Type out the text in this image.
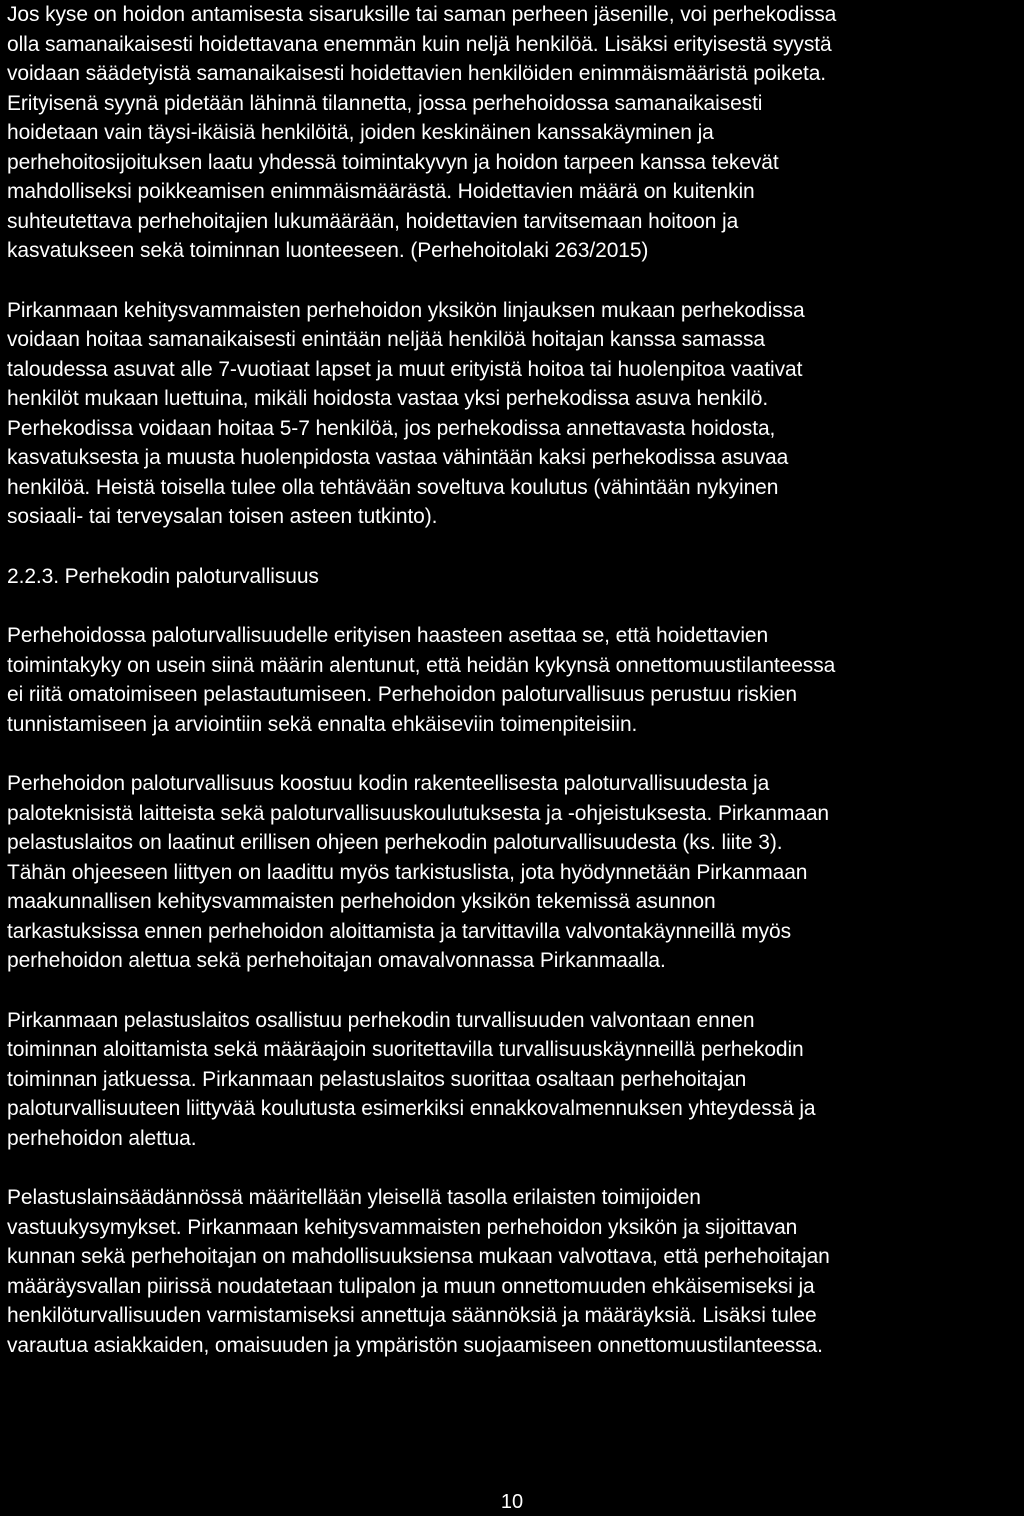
Jos kyse on hoidon antamisesta sisaruksille tai saman perheen jäsenille, voi perhekodissa
olla samanaikaisesti hoidettavana enemmän kuin neljä henkilöä. Lisäksi erityisestä syystä
voidaan säädetyistä samanaikaisesti hoidettavien henkilöiden enimmäismääristä poiketa.
Erityisenä syynä pidetään lähinnä tilannetta, jossa perhehoidossa samanaikaisesti
hoidetaan vain täysi-ikäisiä henkilöitä, joiden keskinäinen kanssakäyminen ja
perhehoitosijoituksen laatu yhdessä toimintakyvyn ja hoidon tarpeen kanssa tekevät
mahdolliseksi poikkeamisen enimmäismäärästä. Hoidettavien määrä on kuitenkin
suhteutettava perhehoitajien lukumäärään, hoidettavien tarvitsemaan hoitoon ja
kasvatukseen sekä toiminnan luonteeseen. (Perhehoitolaki 263/2015)

Pirkanmaan kehitysvammaisten perhehoidon yksikön linjauksen mukaan perhekodissa
voidaan hoitaa samanaikaisesti enintään neljää henkilöä hoitajan kanssa samassa
taloudessa asuvat alle 7-vuotiaat lapset ja muut erityistä hoitoa tai huolenpitoa vaativat
henkilöt mukaan luettuina, mikäli hoidosta vastaa yksi perhekodissa asuva henkilö.
Perhekodissa voidaan hoitaa 5-7 henkilöä, jos perhekodissa annettavasta hoidosta,
kasvatuksesta ja muusta huolenpidosta vastaa vähintään kaksi perhekodissa asuvaa
henkilöä. Heistä toisella tulee olla tehtävään soveltuva koulutus (vähintään nykyinen
sosiaali- tai terveysalan toisen asteen tutkinto).

2.2.3. Perhekodin paloturvallisuus

Perhehoidossa paloturvallisuudelle erityisen haasteen asettaa se, että hoidettavien
toimintakyky on usein siinä määrin alentunut, että heidän kykynsä onnettomuustilanteessa
ei riitä omatoimiseen pelastautumiseen. Perhehoidon paloturvallisuus perustuu riskien
tunnistamiseen ja arviointiin sekä ennalta ehkäiseviin toimenpiteisiin.

Perhehoidon paloturvallisuus koostuu kodin rakenteellisesta paloturvallisuudesta ja
paloteknisistä laitteista sekä paloturvallisuuskoulutuksesta ja -ohjeistuksesta. Pirkanmaan
pelastuslaitos on laatinut erillisen ohjeen perhekodin paloturvallisuudesta (ks. liite 3).
Tähän ohjeeseen liittyen on laadittu myös tarkistuslista, jota hyödynnetään Pirkanmaan
maakunnallisen kehitysvammaisten perhehoidon yksikön tekemissä asunnon
tarkastuksissa ennen perhehoidon aloittamista ja tarvittavilla valvontakäynneillä myös
perhehoidon alettua sekä perhehoitajan omavalvonnassa Pirkanmaalla.

Pirkanmaan pelastuslaitos osallistuu perhekodin turvallisuuden valvontaan ennen
toiminnan aloittamista sekä määräajoin suoritettavilla turvallisuuskäynneillä perhekodin
toiminnan jatkuessa. Pirkanmaan pelastuslaitos suorittaa osaltaan perhehoitajan
paloturvallisuuteen liittyvää koulutusta esimerkiksi ennakkovalmennuksen yhteydessä ja
perhehoidon alettua.

Pelastuslainsäädännössä määritellään yleisellä tasolla erilaisten toimijoiden
vastuukysymykset. Pirkanmaan kehitysvammaisten perhehoidon yksikön ja sijoittavan
kunnan sekä perhehoitajan on mahdollisuuksiensa mukaan valvottava, että perhehoitajan
määräysvallan piirissä noudatetaan tulipalon ja muun onnettomuuden ehkäisemiseksi ja
henkilöturvallisuuden varmistamiseksi annettuja säännöksiä ja määräyksiä. Lisäksi tulee
varautua asiakkaiden, omaisuuden ja ympäristön suojaamiseen onnettomuustilanteessa.

10
